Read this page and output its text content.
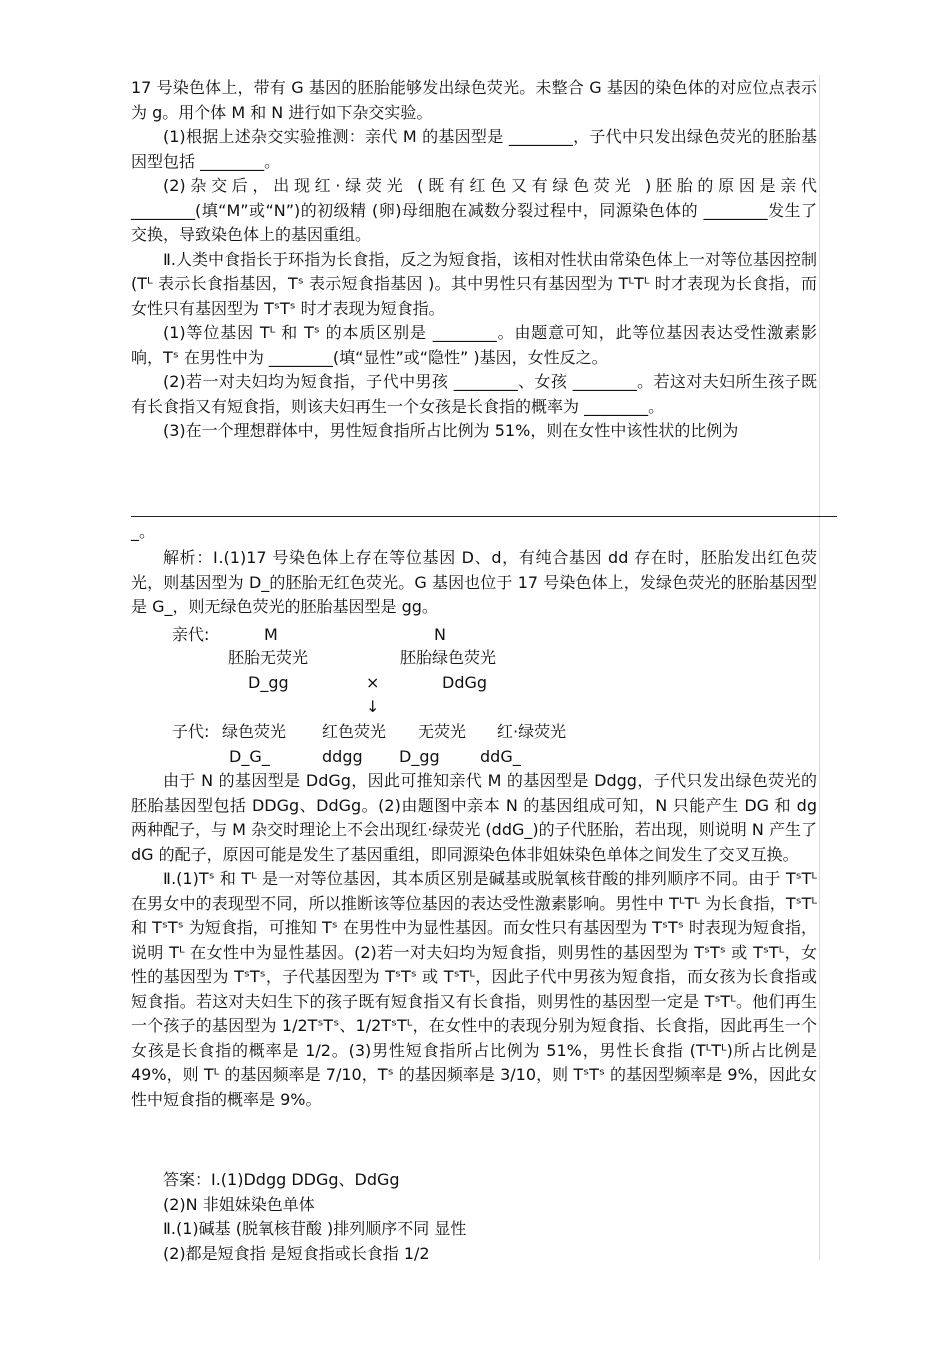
17 号染色体上，带有 G 基因的胚胎能够发出绿色荧光。未整合 G 基因的染色体的对应位点表示为 g。用个体 M 和 N 进行如下杂交实验。

(1)根据上述杂交实验推测：亲代 M 的基因型是 ________，子代中只发出绿色荧光的胚胎基因型包括 ________。

(2)杂交后，出现红·绿荧光 (既有红色又有绿色荧光 )胚胎的原因是亲代 ________(填“M”或“N”)的初级精 (卵)母细胞在减数分裂过程中，同源染色体的 ________发生了交换，导致染色体上的基因重组。

Ⅱ.人类中食指长于环指为长食指，反之为短食指，该相对性状由常染色体上一对等位基因控制 (Tᴸ 表示长食指基因，Tˢ 表示短食指基因 )。其中男性只有基因型为 TᴸTᴸ 时才表现为长食指，而女性只有基因型为 TˢTˢ 时才表现为短食指。

(1)等位基因 Tᴸ 和 Tˢ 的本质区别是 ________。由题意可知，此等位基因表达受性激素影响，Tˢ 在男性中为 ________(填“显性”或“隐性” )基因，女性反之。

(2)若一对夫妇均为短食指，子代中男孩 ________、女孩 ________。若这对夫妇所生孩子既有长食指又有短食指，则该夫妇再生一个女孩是长食指的概率为 ________。

(3)在一个理想群体中，男性短食指所占比例为 51%，则在女性中该性状的比例为

_。

解析：Ⅰ.(1)17 号染色体上存在等位基因 D、d，有纯合基因 dd 存在时，胚胎发出红色荧光，则基因型为 D_的胚胎无红色荧光。G 基因也位于 17 号染色体上，发绿色荧光的胚胎基因型是 G_，则无绿色荧光的胚胎基因型是 gg。

亲代:	M	N
胚胎无荧光	胚胎绿色荧光
D_gg	×	DdGg
↓
子代: 绿色荧光 红色荧光 无荧光 红·绿荧光
D_G_	ddgg D_gg	ddG_

由于 N 的基因型是 DdGg，因此可推知亲代 M 的基因型是 Ddgg，子代只发出绿色荧光的胚胎基因型包括 DDGg、DdGg。(2)由题图中亲本 N 的基因组成可知，N 只能产生 DG 和 dg 两种配子，与 M 杂交时理论上不会出现红·绿荧光 (ddG_)的子代胚胎，若出现，则说明 N 产生了 dG 的配子，原因可能是发生了基因重组，即同源染色体非姐妹染色单体之间发生了交叉互换。

Ⅱ.(1)Tˢ 和 Tᴸ 是一对等位基因，其本质区别是碱基或脱氧核苷酸的排列顺序不同。由于 TˢTᴸ 在男女中的表现型不同，所以推断该等位基因的表达受性激素影响。男性中 TᴸTᴸ 为长食指，TˢTᴸ 和 TˢTˢ 为短食指，可推知 Tˢ 在男性中为显性基因。而女性只有基因型为 TˢTˢ 时表现为短食指，说明 Tᴸ 在女性中为显性基因。(2)若一对夫妇均为短食指，则男性的基因型为 TˢTˢ 或 TˢTᴸ，女性的基因型为 TˢTˢ，子代基因型为 TˢTˢ 或 TˢTᴸ，因此子代中男孩为短食指，而女孩为长食指或短食指。若这对夫妇生下的孩子既有短食指又有长食指，则男性的基因型一定是 TˢTᴸ。他们再生一个孩子的基因型为 1/2TˢTˢ、1/2TˢTᴸ，在女性中的表现分别为短食指、长食指，因此再生一个女孩是长食指的概率是 1/2。(3)男性短食指所占比例为 51%，男性长食指 (TᴸTᴸ)所占比例是 49%，则 Tᴸ 的基因频率是 7/10，Tˢ 的基因频率是 3/10，则 TˢTˢ 的基因型频率是 9%，因此女性中短食指的概率是 9%。

答案：Ⅰ.(1)Ddgg DDGg、DdGg

(2)N 非姐妹染色单体

Ⅱ.(1)碱基 (脱氧核苷酸 )排列顺序不同 显性

(2)都是短食指 是短食指或长食指 1/2
